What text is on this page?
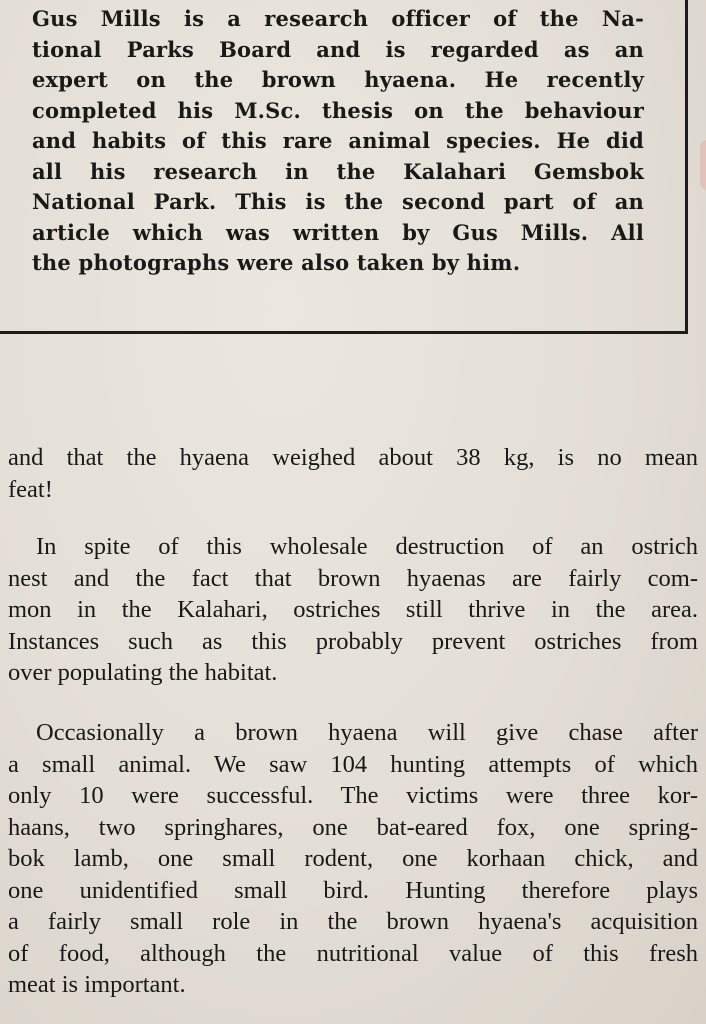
Gus Mills is a research officer of the Na-
tional Parks Board and is regarded as an
expert on the brown hyaena. He recently
completed his M.Sc. thesis on the behaviour
and habits of this rare animal species. He did
all his research in the Kalahari Gemsbok
National Park. This is the second part of an
article which was written by Gus Mills. All
the photographs were also taken by him.
and that the hyaena weighed about 38 kg, is no mean
feat!
In spite of this wholesale destruction of an ostrich
nest and the fact that brown hyaenas are fairly com-
mon in the Kalahari, ostriches still thrive in the area.
Instances such as this probably prevent ostriches from
over populating the habitat.
Occasionally a brown hyaena will give chase after
a small animal. We saw 104 hunting attempts of which
only 10 were successful. The victims were three kor-
haans, two springhares, one bat-eared fox, one spring-
bok lamb, one small rodent, one korhaan chick, and
one unidentified small bird. Hunting therefore plays
a fairly small role in the brown hyaena's acquisition
of food, although the nutritional value of this fresh
meat is important.
